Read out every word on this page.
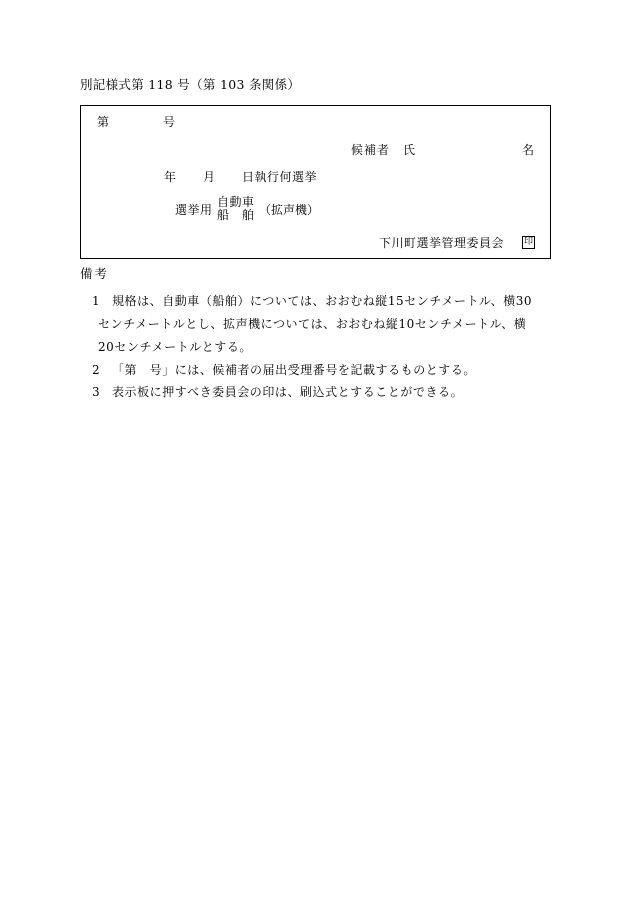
別記様式第 118 号（第 103 条関係）
第	号
候補者　氏	名
年 月 日執行何選挙
選挙用
自動車
船　舶 （拡声機）
下川町選挙管理委員会 印
備考
1 規格は、自動車（船舶）については、おおむね縦15センチメートル、横30
センチメートルとし、拡声機については、おおむね縦10センチメートル、横
20センチメートルとする。
2 「第　号」には、候補者の届出受理番号を記載するものとする。
3 表示板に押すべき委員会の印は、刷込式とすることができる。
